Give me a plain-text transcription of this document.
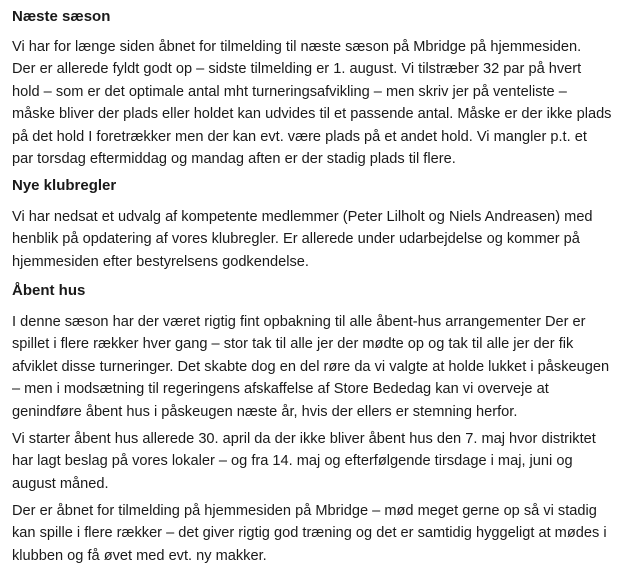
Næste sæson

Vi har for længe siden åbnet for tilmelding til næste sæson på Mbridge på hjemmesiden.
Der er allerede fyldt godt op – sidste tilmelding er 1. august. Vi tilstræber 32 par på hvert
hold – som er det optimale antal mht turneringsafvikling – men skriv jer på venteliste –
måske bliver der plads eller holdet kan udvides til et passende antal. Måske er der ikke plads
på det hold I foretrækker men der kan evt. være plads på et andet hold. Vi mangler p.t. et
par torsdag eftermiddag og mandag aften er der stadig plads til flere.

Nye klubregler

Vi har nedsat et udvalg af kompetente medlemmer (Peter Lilholt og Niels Andreasen) med
henblik på opdatering af vores klubregler. Er allerede under udarbejdelse og kommer på
hjemmesiden efter bestyrelsens godkendelse.

Åbent hus

I denne sæson har der været rigtig fint opbakning til alle åbent-hus arrangementer Der er
spillet i flere rækker hver gang – stor tak til alle jer der mødte op og tak til alle jer der fik
afviklet disse turneringer. Det skabte dog en del røre da vi valgte at holde lukket i påskeugen
– men i modsætning til regeringens afskaffelse af Store Bededag kan vi overveje at
genindføre åbent hus i påskeugen næste år, hvis der ellers er stemning herfor.

Vi starter åbent hus allerede 30. april da der ikke bliver åbent hus den 7. maj hvor distriktet
har lagt beslag på vores lokaler – og fra 14. maj og efterfølgende tirsdage i maj, juni og
august måned.

Der er åbnet for tilmelding på hjemmesiden på Mbridge – mød meget gerne op så vi stadig
kan spille i flere rækker – det giver rigtig god træning og det er samtidig hyggeligt at mødes i
klubben og få øvet med evt. ny makker.
